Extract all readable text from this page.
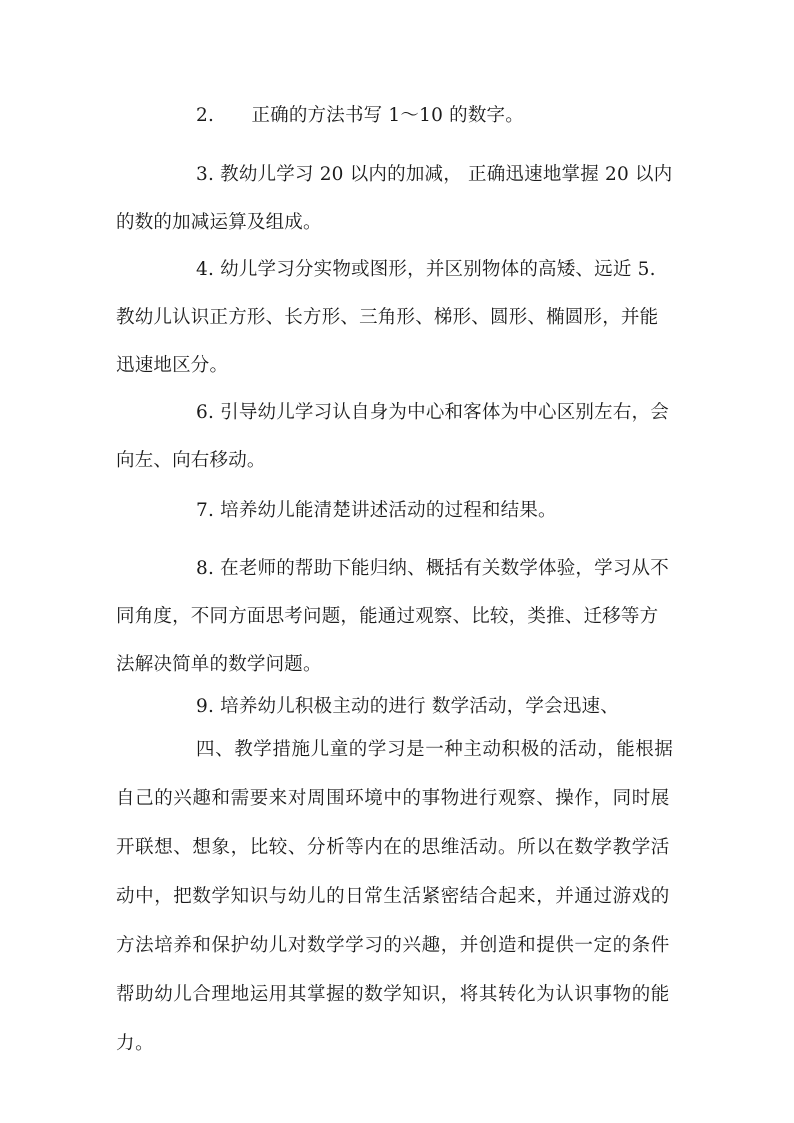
2.　　正确的方法书写 1～10 的数字。

3. 教幼儿学习 20 以内的加减， 正确迅速地掌握 20 以内的数的加减运算及组成。

4. 幼儿学习分实物或图形，并区别物体的高矮、远近 5. 教幼儿认识正方形、长方形、三角形、梯形、圆形、椭圆形，并能迅速地区分。

6. 引导幼儿学习认自身为中心和客体为中心区别左右，会向左、向右移动。

7. 培养幼儿能清楚讲述活动的过程和结果。

8. 在老师的帮助下能归纳、概括有关数学体验，学习从不同角度，不同方面思考问题，能通过观察、比较，类推、迁移等方法解决简单的数学问题。

9. 培养幼儿积极主动的进行 数学活动，学会迅速、

四、教学措施儿童的学习是一种主动积极的活动，能根据自己的兴趣和需要来对周围环境中的事物进行观察、操作，同时展开联想、想象，比较、分析等内在的思维活动。所以在数学教学活动中，把数学知识与幼儿的日常生活紧密结合起来，并通过游戏的方法培养和保护幼儿对数学学习的兴趣，并创造和提供一定的条件帮助幼儿合理地运用其掌握的数学知识，将其转化为认识事物的能力。
